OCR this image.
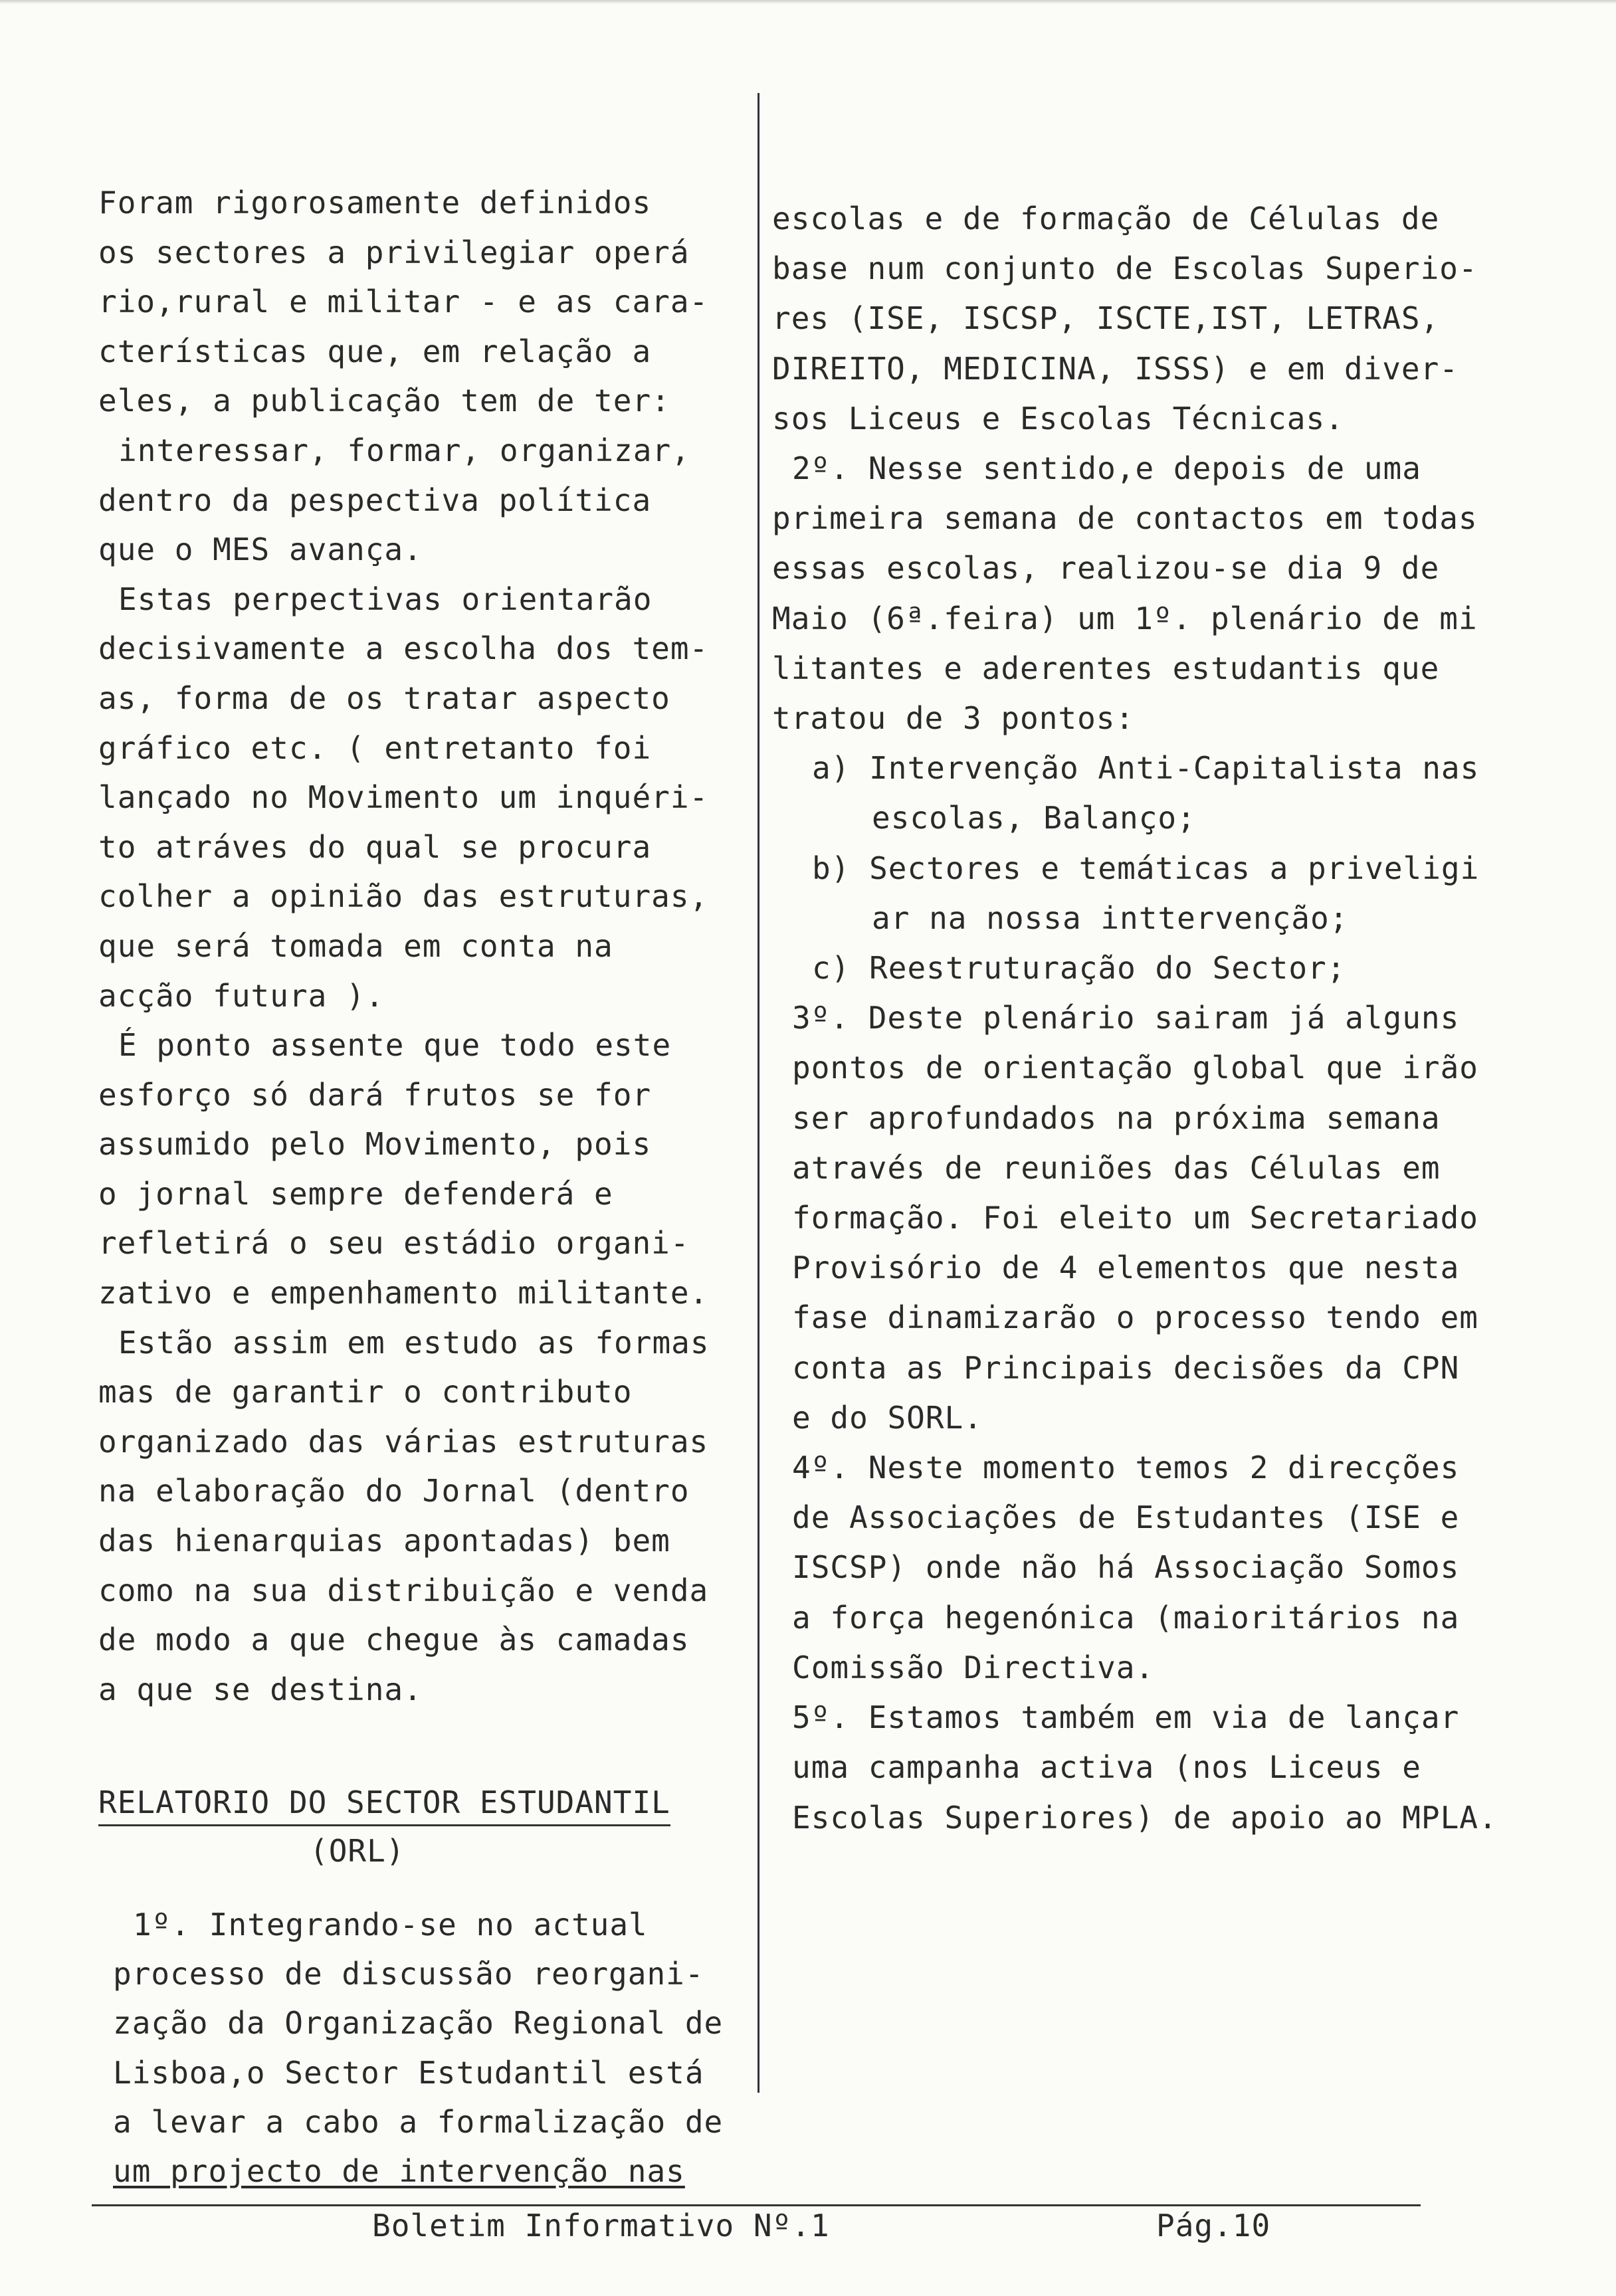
Foram rigorosamente definidos

os sectores a privilegiar operá

rio,rural e militar - e as cara-

cterísticas que, em relação a

eles, a publicação tem de ter:

interessar, formar, organizar,

dentro da pespectiva política

que o MES avança.

Estas perpectivas orientarão

decisivamente a escolha dos tem-

as, forma de os tratar aspecto

gráfico etc. ( entretanto foi

lançado no Movimento um inquéri-

to atráves do qual se procura

colher a opinião das estruturas,

que será tomada em conta na

acção futura ).

É ponto assente que todo este

esforço só dará frutos se for

assumido pelo Movimento, pois

o jornal sempre defenderá e

refletirá o seu estádio organi-

zativo e empenhamento militante.

Estão assim em estudo as formas

mas de garantir o contributo

organizado das várias estruturas

na elaboração do Jornal (dentro

das hienarquias apontadas) bem

como na sua distribuição e venda

de modo a que chegue às camadas

a que se destina.

RELATORIO DO SECTOR ESTUDANTIL
(ORL)

1º. Integrando-se no actual

processo de discussão reorgani-

zação da Organização Regional de

Lisboa,o Sector Estudantil está

a levar a cabo a formalização de

um projecto de intervenção nas

escolas e de formação de Células de

base num conjunto de Escolas Superio-

res (ISE, ISCSP, ISCTE,IST, LETRAS,

DIREITO, MEDICINA, ISSS) e em diver-

sos Liceus e Escolas Técnicas.

2º. Nesse sentido,e depois de uma

primeira semana de contactos em todas

essas escolas, realizou-se dia 9 de

Maio (6ª.feira) um 1º. plenário de mi

litantes e aderentes estudantis que

tratou de 3 pontos:

a) Intervenção Anti-Capitalista nas

escolas, Balanço;

b) Sectores e temáticas a priveligi

ar na nossa inttervenção;

c) Reestruturação do Sector;

3º. Deste plenário sairam já alguns

pontos de orientação global que irão

ser aprofundados na próxima semana

através de reuniões das Células em

formação. Foi eleito um Secretariado

Provisório de 4 elementos que nesta

fase dinamizarão o processo tendo em

conta as Principais decisões da CPN

e do SORL.

4º. Neste momento temos 2 direcções

de Associações de Estudantes (ISE e

ISCSP) onde não há Associação Somos

a força hegenónica (maioritários na

Comissão Directiva.

5º. Estamos também em via de lançar

uma campanha activa (nos Liceus e

Escolas Superiores) de apoio ao MPLA.

Boletim Informativo Nº.1	Pág.10
